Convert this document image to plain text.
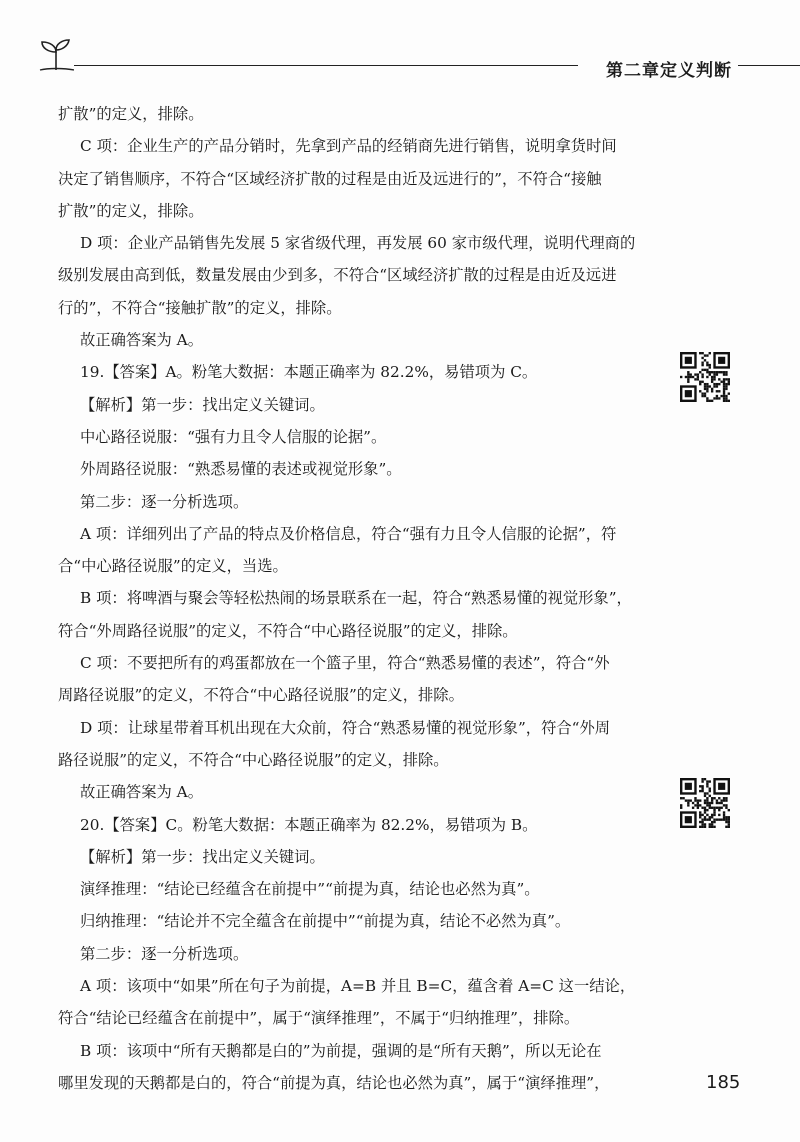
第二章 定义判断
扩散”的定义，排除。
C 项：企业生产的产品分销时，先拿到产品的经销商先进行销售，说明拿货时间
决定了销售顺序，不符合“区域经济扩散的过程是由近及远进行的”，不符合“接触
扩散”的定义，排除。
D 项：企业产品销售先发展 5 家省级代理，再发展 60 家市级代理，说明代理商的
级别发展由高到低，数量发展由少到多，不符合“区域经济扩散的过程是由近及远进
行的”，不符合“接触扩散”的定义，排除。
故正确答案为 A。
19.【答案】A。粉笔大数据：本题正确率为 82.2%，易错项为 C。
【解析】第一步：找出定义关键词。
中心路径说服：“强有力且令人信服的论据”。
外周路径说服：“熟悉易懂的表述或视觉形象”。
第二步：逐一分析选项。
A 项：详细列出了产品的特点及价格信息，符合“强有力且令人信服的论据”，符
合“中心路径说服”的定义，当选。
B 项：将啤酒与聚会等轻松热闹的场景联系在一起，符合“熟悉易懂的视觉形象”，
符合“外周路径说服”的定义，不符合“中心路径说服”的定义，排除。
C 项：不要把所有的鸡蛋都放在一个篮子里，符合“熟悉易懂的表述”，符合“外
周路径说服”的定义，不符合“中心路径说服”的定义，排除。
D 项：让球星带着耳机出现在大众前，符合“熟悉易懂的视觉形象”，符合“外周
路径说服”的定义，不符合“中心路径说服”的定义，排除。
故正确答案为 A。
20.【答案】C。粉笔大数据：本题正确率为 82.2%，易错项为 B。
【解析】第一步：找出定义关键词。
演绎推理：“结论已经蕴含在前提中”“前提为真，结论也必然为真”。
归纳推理：“结论并不完全蕴含在前提中”“前提为真，结论不必然为真”。
第二步：逐一分析选项。
A 项：该项中“如果”所在句子为前提，A=B 并且 B=C，蕴含着 A=C 这一结论，
符合“结论已经蕴含在前提中”，属于“演绎推理”，不属于“归纳推理”，排除。
B 项：该项中“所有天鹅都是白的”为前提，强调的是“所有天鹅”，所以无论在
哪里发现的天鹅都是白的，符合“前提为真，结论也必然为真”，属于“演绎推理”，	185
